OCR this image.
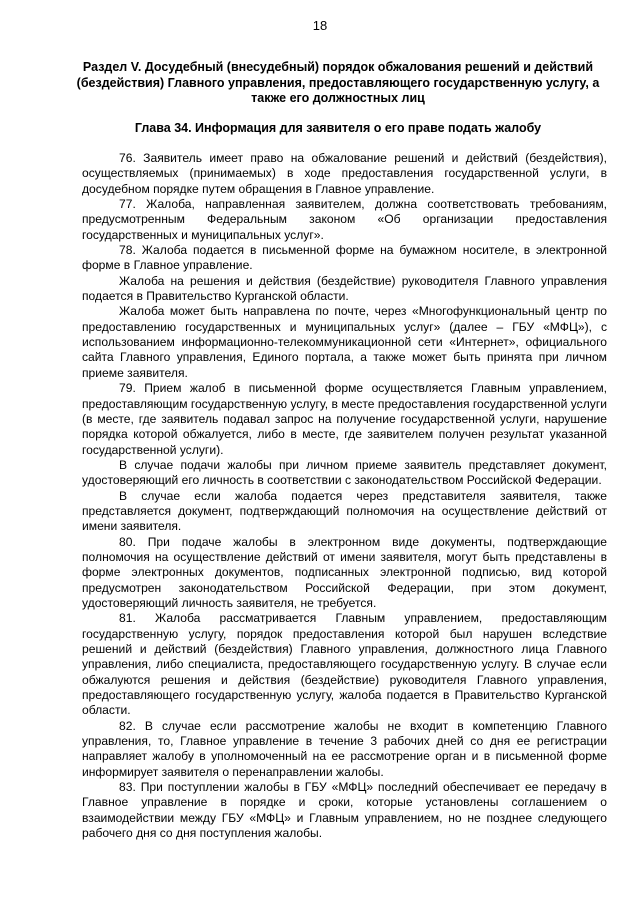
18
Раздел V. Досудебный (внесудебный) порядок обжалования решений и действий (бездействия) Главного управления, предоставляющего государственную услугу, а также его должностных лиц
Глава 34. Информация для заявителя о его праве подать жалобу

76. Заявитель имеет право на обжалование решений и действий (бездействия), осуществляемых (принимаемых) в ходе предоставления государственной услуги, в досудебном порядке путем обращения в Главное управление.

77. Жалоба, направленная заявителем, должна соответствовать требованиям, предусмотренным Федеральным законом «Об организации предоставления государственных и муниципальных услуг».

78. Жалоба подается в письменной форме на бумажном носителе, в электронной форме в Главное управление.

Жалоба на решения и действия (бездействие) руководителя Главного управления подается в Правительство Курганской области.

Жалоба может быть направлена по почте, через «Многофункциональный центр по предоставлению государственных и муниципальных услуг» (далее – ГБУ «МФЦ»), с использованием информационно-телекоммуникационной сети «Интернет», официального сайта Главного управления, Единого портала, а также может быть принята при личном приеме заявителя.

79. Прием жалоб в письменной форме осуществляется Главным управлением, предоставляющим государственную услугу, в месте предоставления государственной услуги (в месте, где заявитель подавал запрос на получение государственной услуги, нарушение порядка которой обжалуется, либо в месте, где заявителем получен результат указанной государственной услуги).

В случае подачи жалобы при личном приеме заявитель представляет документ, удостоверяющий его личность в соответствии с законодательством Российской Федерации.

В случае если жалоба подается через представителя заявителя, также представляется документ, подтверждающий полномочия на осуществление действий от имени заявителя.

80. При подаче жалобы в электронном виде документы, подтверждающие полномочия на осуществление действий от имени заявителя, могут быть представлены в форме электронных документов, подписанных электронной подписью, вид которой предусмотрен законодательством Российской Федерации, при этом документ, удостоверяющий личность заявителя, не требуется.

81. Жалоба рассматривается Главным управлением, предоставляющим государственную услугу, порядок предоставления которой был нарушен вследствие решений и действий (бездействия) Главного управления, должностного лица Главного управления, либо специалиста, предоставляющего государственную услугу. В случае если обжалуются решения и действия (бездействие) руководителя Главного управления, предоставляющего государственную услугу, жалоба подается в Правительство Курганской области.

82. В случае если рассмотрение жалобы не входит в компетенцию Главного управления, то, Главное управление в течение 3 рабочих дней со дня ее регистрации направляет жалобу в уполномоченный на ее рассмотрение орган и в письменной форме информирует заявителя о перенаправлении жалобы.

83. При поступлении жалобы в ГБУ «МФЦ» последний обеспечивает ее передачу в Главное управление в порядке и сроки, которые установлены соглашением о взаимодействии между ГБУ «МФЦ» и Главным управлением, но не позднее следующего рабочего дня со дня поступления жалобы.
